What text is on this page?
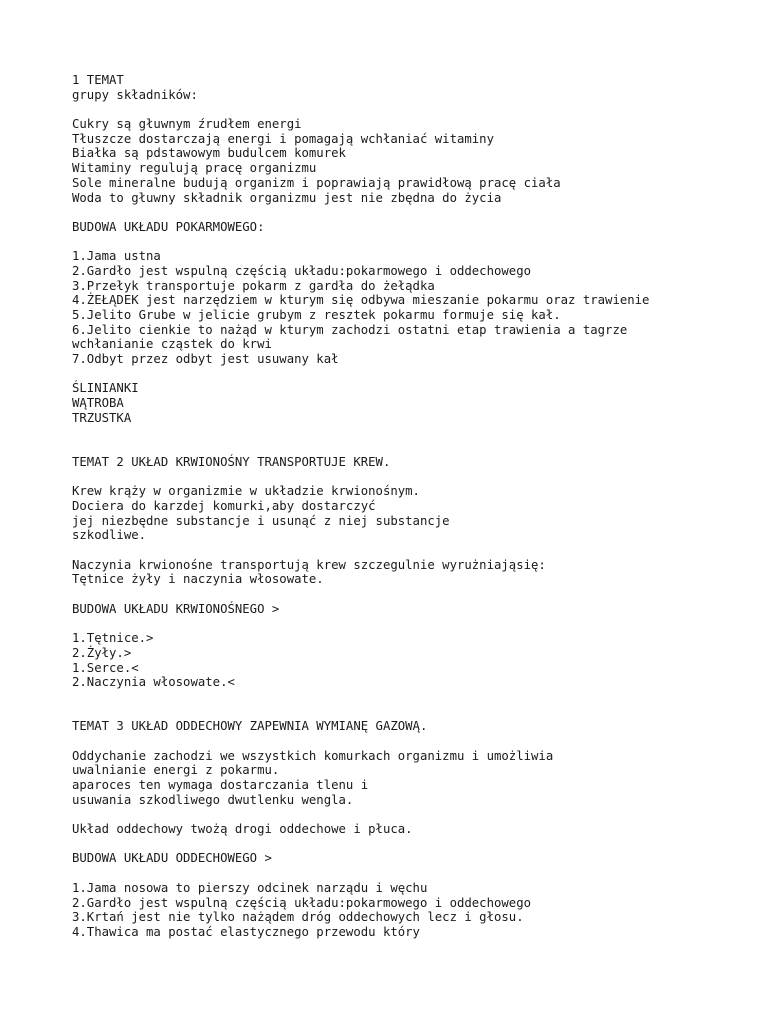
1 TEMAT
grupy składników:
Cukry są głuwnym źrudłem energi
Tłuszcze dostarczają energi i pomagają wchłaniać witaminy
Białka są pdstawowym budulcem komurek
Witaminy regulują pracę organizmu
Sole mineralne budują organizm i poprawiają prawidłową pracę ciała
Woda to głuwny składnik organizmu jest nie zbędna do życia
BUDOWA UKŁADU POKARMOWEGO:
1.Jama ustna
2.Gardło jest wspulną częścią układu:pokarmowego i oddechowego
3.Przełyk transportuje pokarm z gardła do żełądka
4.ŻEŁĄDEK jest narzędziem w kturym się odbywa mieszanie pokarmu oraz trawienie
5.Jelito Grube w jelicie grubym z resztek pokarmu formuje się kał.
6.Jelito cienkie to nażąd w kturym zachodzi ostatni etap trawienia a tagrze
wchłanianie cząstek do krwi
7.Odbyt przez odbyt jest usuwany kał
ŚLINIANKI
WĄTROBA
TRZUSTKA
TEMAT 2 UKŁAD KRWIONOŚNY TRANSPORTUJE KREW.
Krew krąży w organizmie w układzie krwionośnym.
Dociera do karzdej komurki,aby dostarczyć
jej niezbędne substancje i usunąć z niej substancje
szkodliwe.
Naczynia krwionośne transportują krew szczegulnie wyrużniająsię:
Tętnice żyły i naczynia włosowate.
BUDOWA UKŁADU KRWIONOŚNEGO >
1.Tętnice.>
2.Żyły.>
1.Serce.<
2.Naczynia włosowate.<
TEMAT 3 UKŁAD ODDECHOWY ZAPEWNIA WYMIANĘ GAZOWĄ.
Oddychanie zachodzi we wszystkich komurkach organizmu i umożliwia
uwalnianie energi z pokarmu.
aparoces ten wymaga dostarczania tlenu i
usuwania szkodliwego dwutlenku wengla.
Układ oddechowy twożą drogi oddechowe i płuca.
BUDOWA UKŁADU ODDECHOWEGO >
1.Jama nosowa to pierszy odcinek narządu i węchu
2.Gardło jest wspulną częścią układu:pokarmowego i oddechowego
3.Krtań jest nie tylko nażądem dróg oddechowych lecz i głosu.
4.Thawica ma postać elastycznego przewodu który
